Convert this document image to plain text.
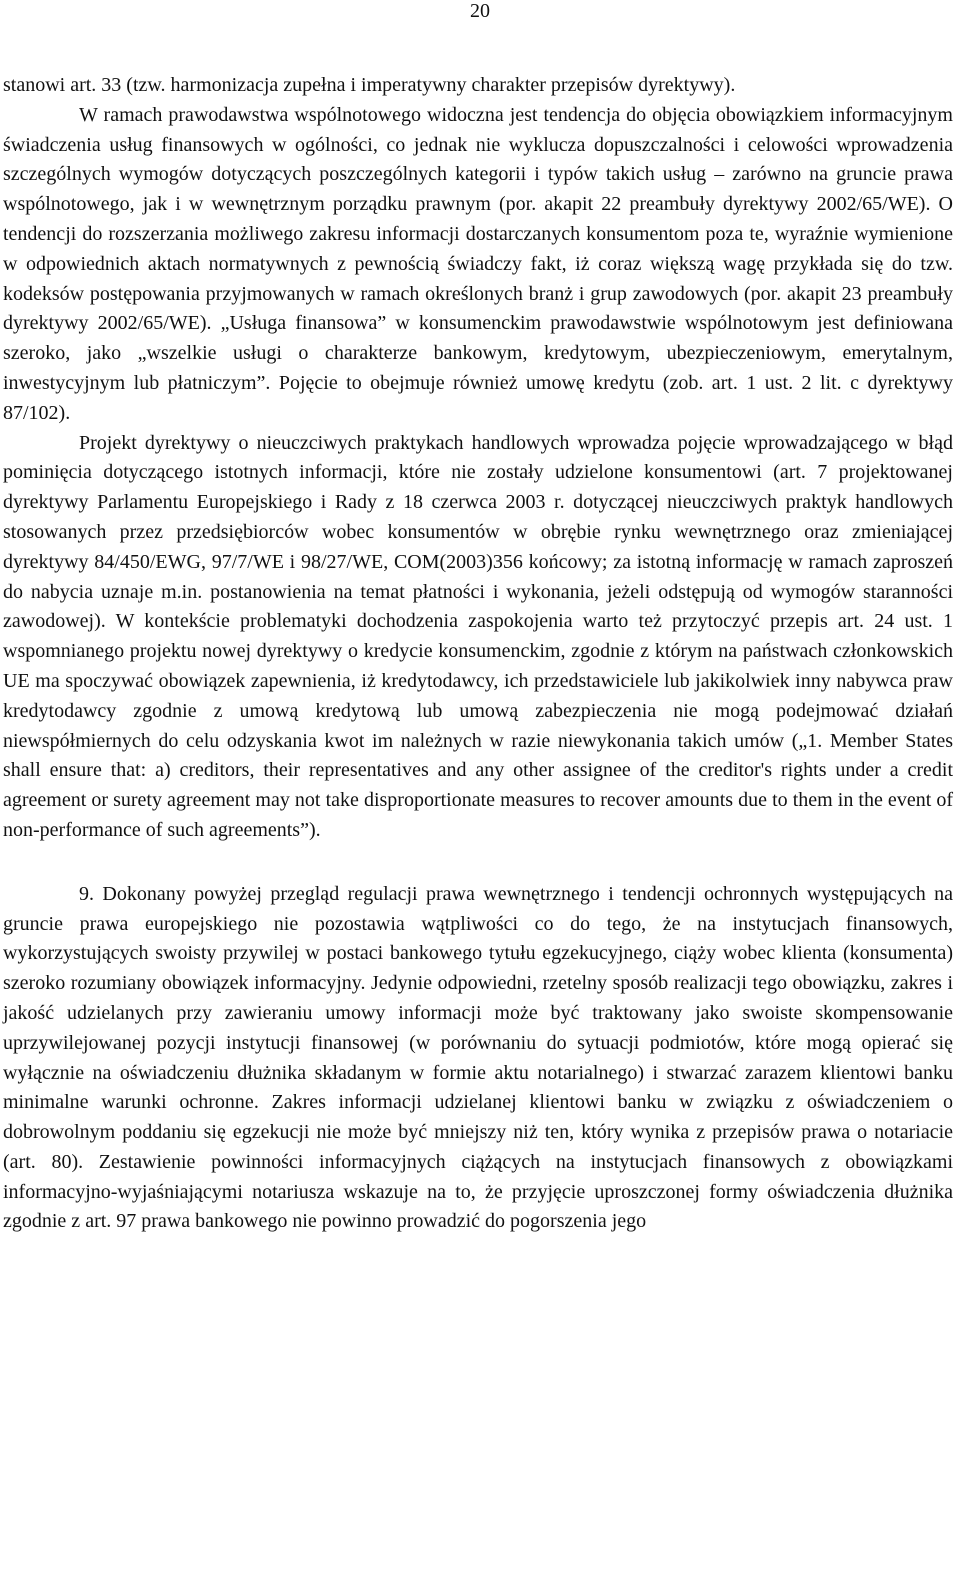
20

stanowi art. 33 (tzw. harmonizacja zupełna i imperatywny charakter przepisów dyrektywy).

W ramach prawodawstwa wspólnotowego widoczna jest tendencja do objęcia obowiązkiem informacyjnym świadczenia usług finansowych w ogólności, co jednak nie wyklucza dopuszczalności i celowości wprowadzenia szczególnych wymogów dotyczących poszczególnych kategorii i typów takich usług – zarówno na gruncie prawa wspólnotowego, jak i w wewnętrznym porządku prawnym (por. akapit 22 preambuły dyrektywy 2002/65/WE). O tendencji do rozszerzania możliwego zakresu informacji dostarczanych konsumentom poza te, wyraźnie wymienione w odpowiednich aktach normatywnych z pewnością świadczy fakt, iż coraz większą wagę przykłada się do tzw. kodeksów postępowania przyjmowanych w ramach określonych branż i grup zawodowych (por. akapit 23 preambuły dyrektywy 2002/65/WE). „Usługa finansowa” w konsumenckim prawodawstwie wspólnotowym jest definiowana szeroko, jako „wszelkie usługi o charakterze bankowym, kredytowym, ubezpieczeniowym, emerytalnym, inwestycyjnym lub płatniczym”. Pojęcie to obejmuje również umowę kredytu (zob. art. 1 ust. 2 lit. c dyrektywy 87/102).

Projekt dyrektywy o nieuczciwych praktykach handlowych wprowadza pojęcie wprowadzającego w błąd pominięcia dotyczącego istotnych informacji, które nie zostały udzielone konsumentowi (art. 7 projektowanej dyrektywy Parlamentu Europejskiego i Rady z 18 czerwca 2003 r. dotyczącej nieuczciwych praktyk handlowych stosowanych przez przedsiębiorców wobec konsumentów w obrębie rynku wewnętrznego oraz zmieniającej dyrektywy 84/450/EWG, 97/7/WE i 98/27/WE, COM(2003)356 końcowy; za istotną informację w ramach zaproszeń do nabycia uznaje m.in. postanowienia na temat płatności i wykonania, jeżeli odstępują od wymogów staranności zawodowej). W kontekście problematyki dochodzenia zaspokojenia warto też przytoczyć przepis art. 24 ust. 1 wspomnianego projektu nowej dyrektywy o kredycie konsumenckim, zgodnie z którym na państwach członkowskich UE ma spoczywać obowiązek zapewnienia, iż kredytodawcy, ich przedstawiciele lub jakikolwiek inny nabywca praw kredytodawcy zgodnie z umową kredytową lub umową zabezpieczenia nie mogą podejmować działań niewspółmiernych do celu odzyskania kwot im należnych w razie niewykonania takich umów („1. Member States shall ensure that: a) creditors, their representatives and any other assignee of the creditor's rights under a credit agreement or surety agreement may not take disproportionate measures to recover amounts due to them in the event of non-performance of such agreements”).

9. Dokonany powyżej przegląd regulacji prawa wewnętrznego i tendencji ochronnych występujących na gruncie prawa europejskiego nie pozostawia wątpliwości co do tego, że na instytucjach finansowych, wykorzystujących swoisty przywilej w postaci bankowego tytułu egzekucyjnego, ciąży wobec klienta (konsumenta) szeroko rozumiany obowiązek informacyjny. Jedynie odpowiedni, rzetelny sposób realizacji tego obowiązku, zakres i jakość udzielanych przy zawieraniu umowy informacji może być traktowany jako swoiste skompensowanie uprzywilejowanej pozycji instytucji finansowej (w porównaniu do sytuacji podmiotów, które mogą opierać się wyłącznie na oświadczeniu dłużnika składanym w formie aktu notarialnego) i stwarzać zarazem klientowi banku minimalne warunki ochronne. Zakres informacji udzielanej klientowi banku w związku z oświadczeniem o dobrowolnym poddaniu się egzekucji nie może być mniejszy niż ten, który wynika z przepisów prawa o notariacie (art. 80). Zestawienie powinności informacyjnych ciążących na instytucjach finansowych z obowiązkami informacyjno-wyjaśniającymi notariusza wskazuje na to, że przyjęcie uproszczonej formy oświadczenia dłużnika zgodnie z art. 97 prawa bankowego nie powinno prowadzić do pogorszenia jego
